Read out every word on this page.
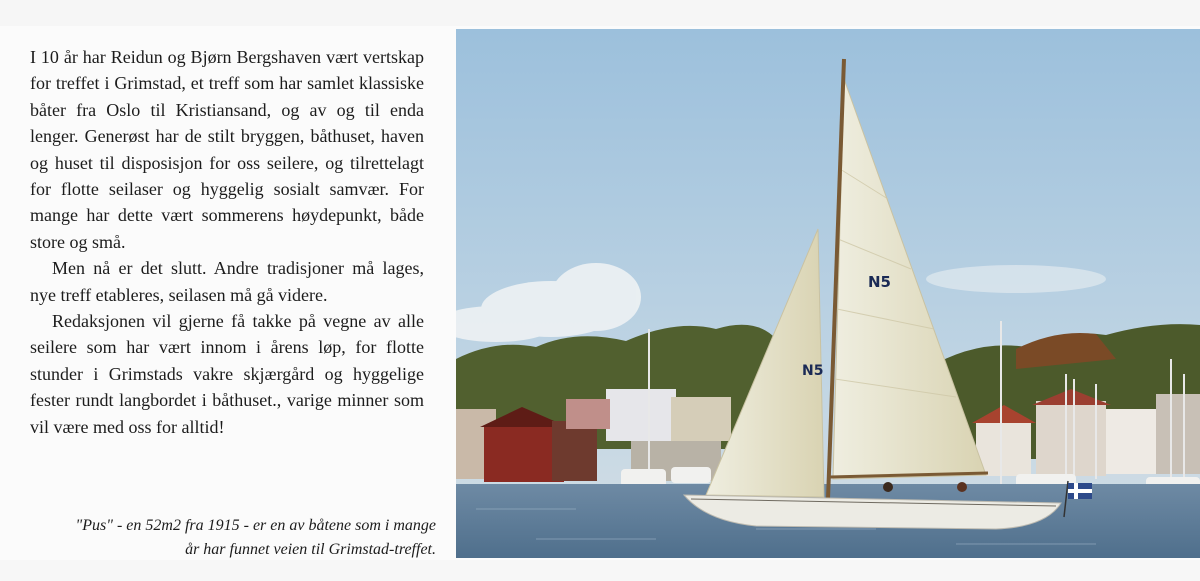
I 10 år har Reidun og Bjørn Bergshaven vært vertskap for treffet i Grimstad, et treff som har samlet klassiske båter fra Oslo til Kristiansand, og av og til enda lenger. Generøst har de stilt bryggen, båthuset, haven og huset til disposisjon for oss seilere, og tilrettelagt for flotte seilaser og hyggelig sosialt samvær. For mange har dette vært sommerens høydepunkt, både store og små.

Men nå er det slutt. Andre tradisjoner må lages, nye treff etableres, seilasen må gå videre.

Redaksjonen vil gjerne få takke på vegne av alle seilere som har vært innom i årens løp, for flotte stunder i Grimstads vakre skjærgård og hyggelige fester rundt langbordet i båthuset., varige minner som vil være med oss for alltid!

"Pus" - en 52m2 fra 1915 - er en av båtene som i mange
år har funnet veien til Grimstad-treffet.
N5
N5
